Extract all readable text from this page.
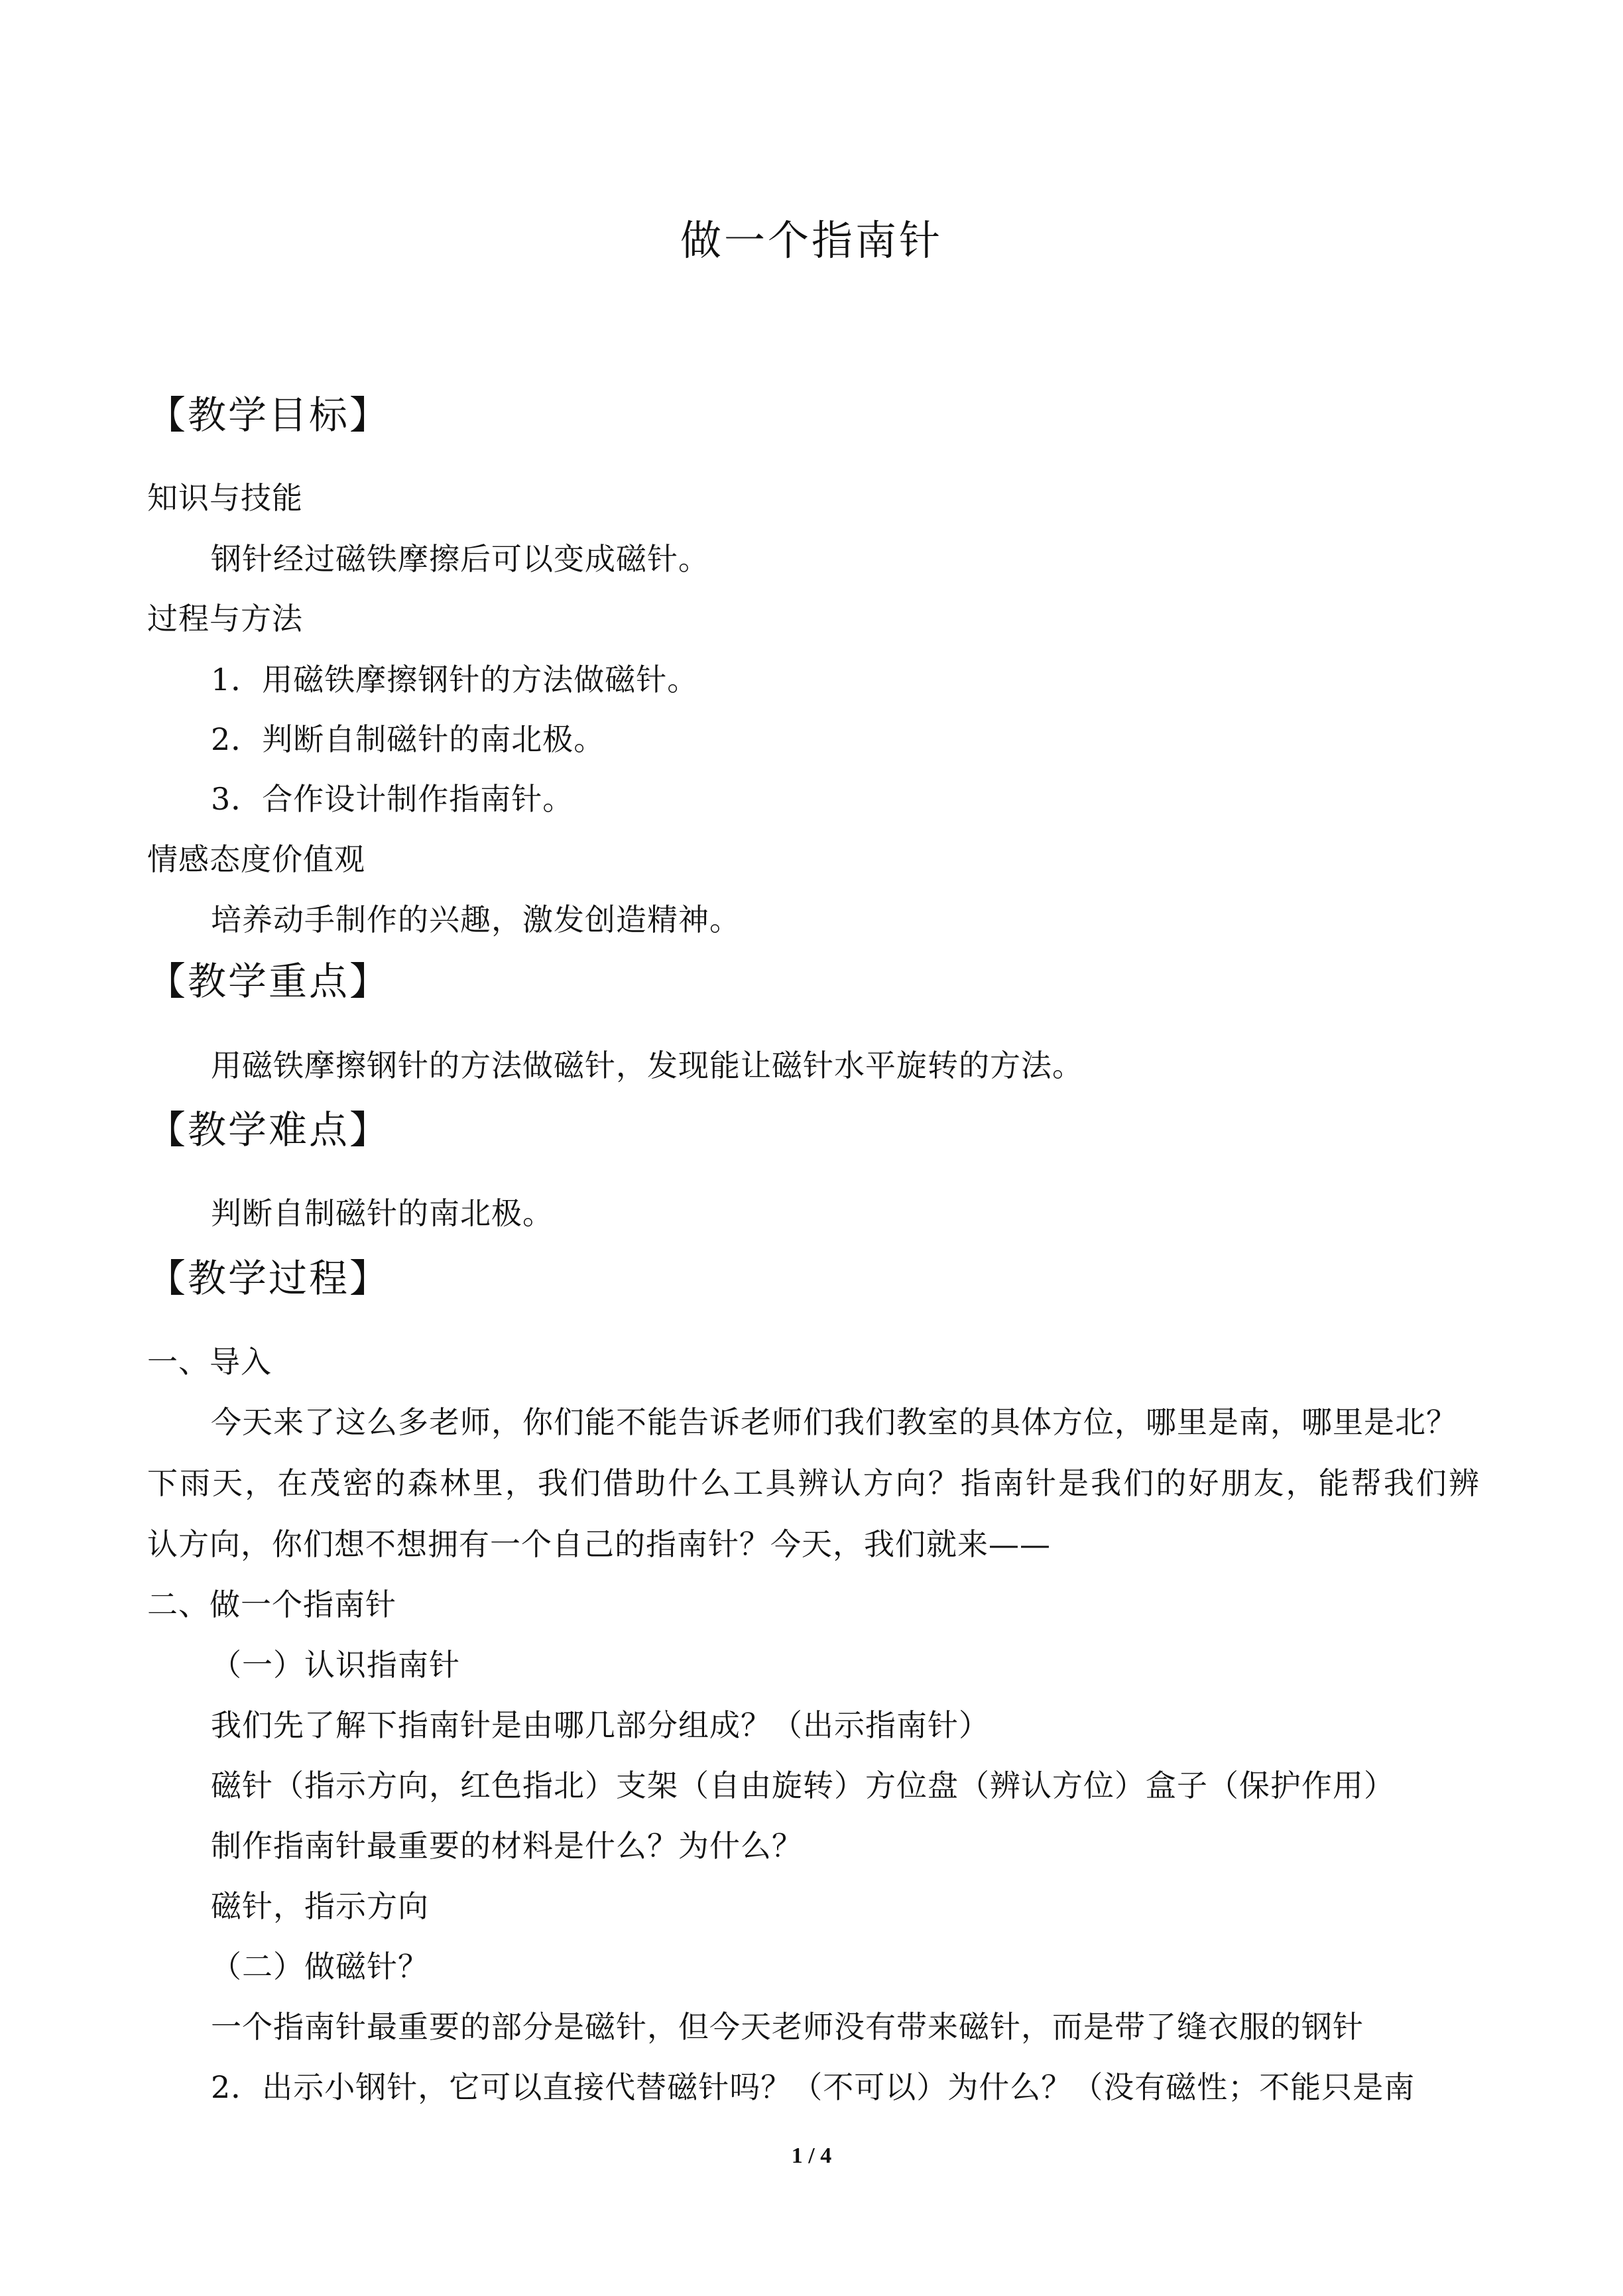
做一个指南针
【教学目标】
知识与技能
钢针经过磁铁摩擦后可以变成磁针。
过程与方法
1．用磁铁摩擦钢针的方法做磁针。
2．判断自制磁针的南北极。
3．合作设计制作指南针。
情感态度价值观
培养动手制作的兴趣，激发创造精神。
【教学重点】
用磁铁摩擦钢针的方法做磁针，发现能让磁针水平旋转的方法。
【教学难点】
判断自制磁针的南北极。
【教学过程】
一、导入
今天来了这么多老师，你们能不能告诉老师们我们教室的具体方位，哪里是南，哪里是北？
下雨天，在茂密的森林里，我们借助什么工具辨认方向？指南针是我们的好朋友，能帮我们辨
认方向，你们想不想拥有一个自己的指南针？今天，我们就来——
二、做一个指南针
（一）认识指南针
我们先了解下指南针是由哪几部分组成？（出示指南针）
磁针（指示方向，红色指北）支架（自由旋转）方位盘（辨认方位）盒子（保护作用）
制作指南针最重要的材料是什么？为什么？
磁针，指示方向
（二）做磁针？
一个指南针最重要的部分是磁针，但今天老师没有带来磁针，而是带了缝衣服的钢针
2．出示小钢针，它可以直接代替磁针吗？（不可以）为什么？（没有磁性；不能只是南
1 / 4
